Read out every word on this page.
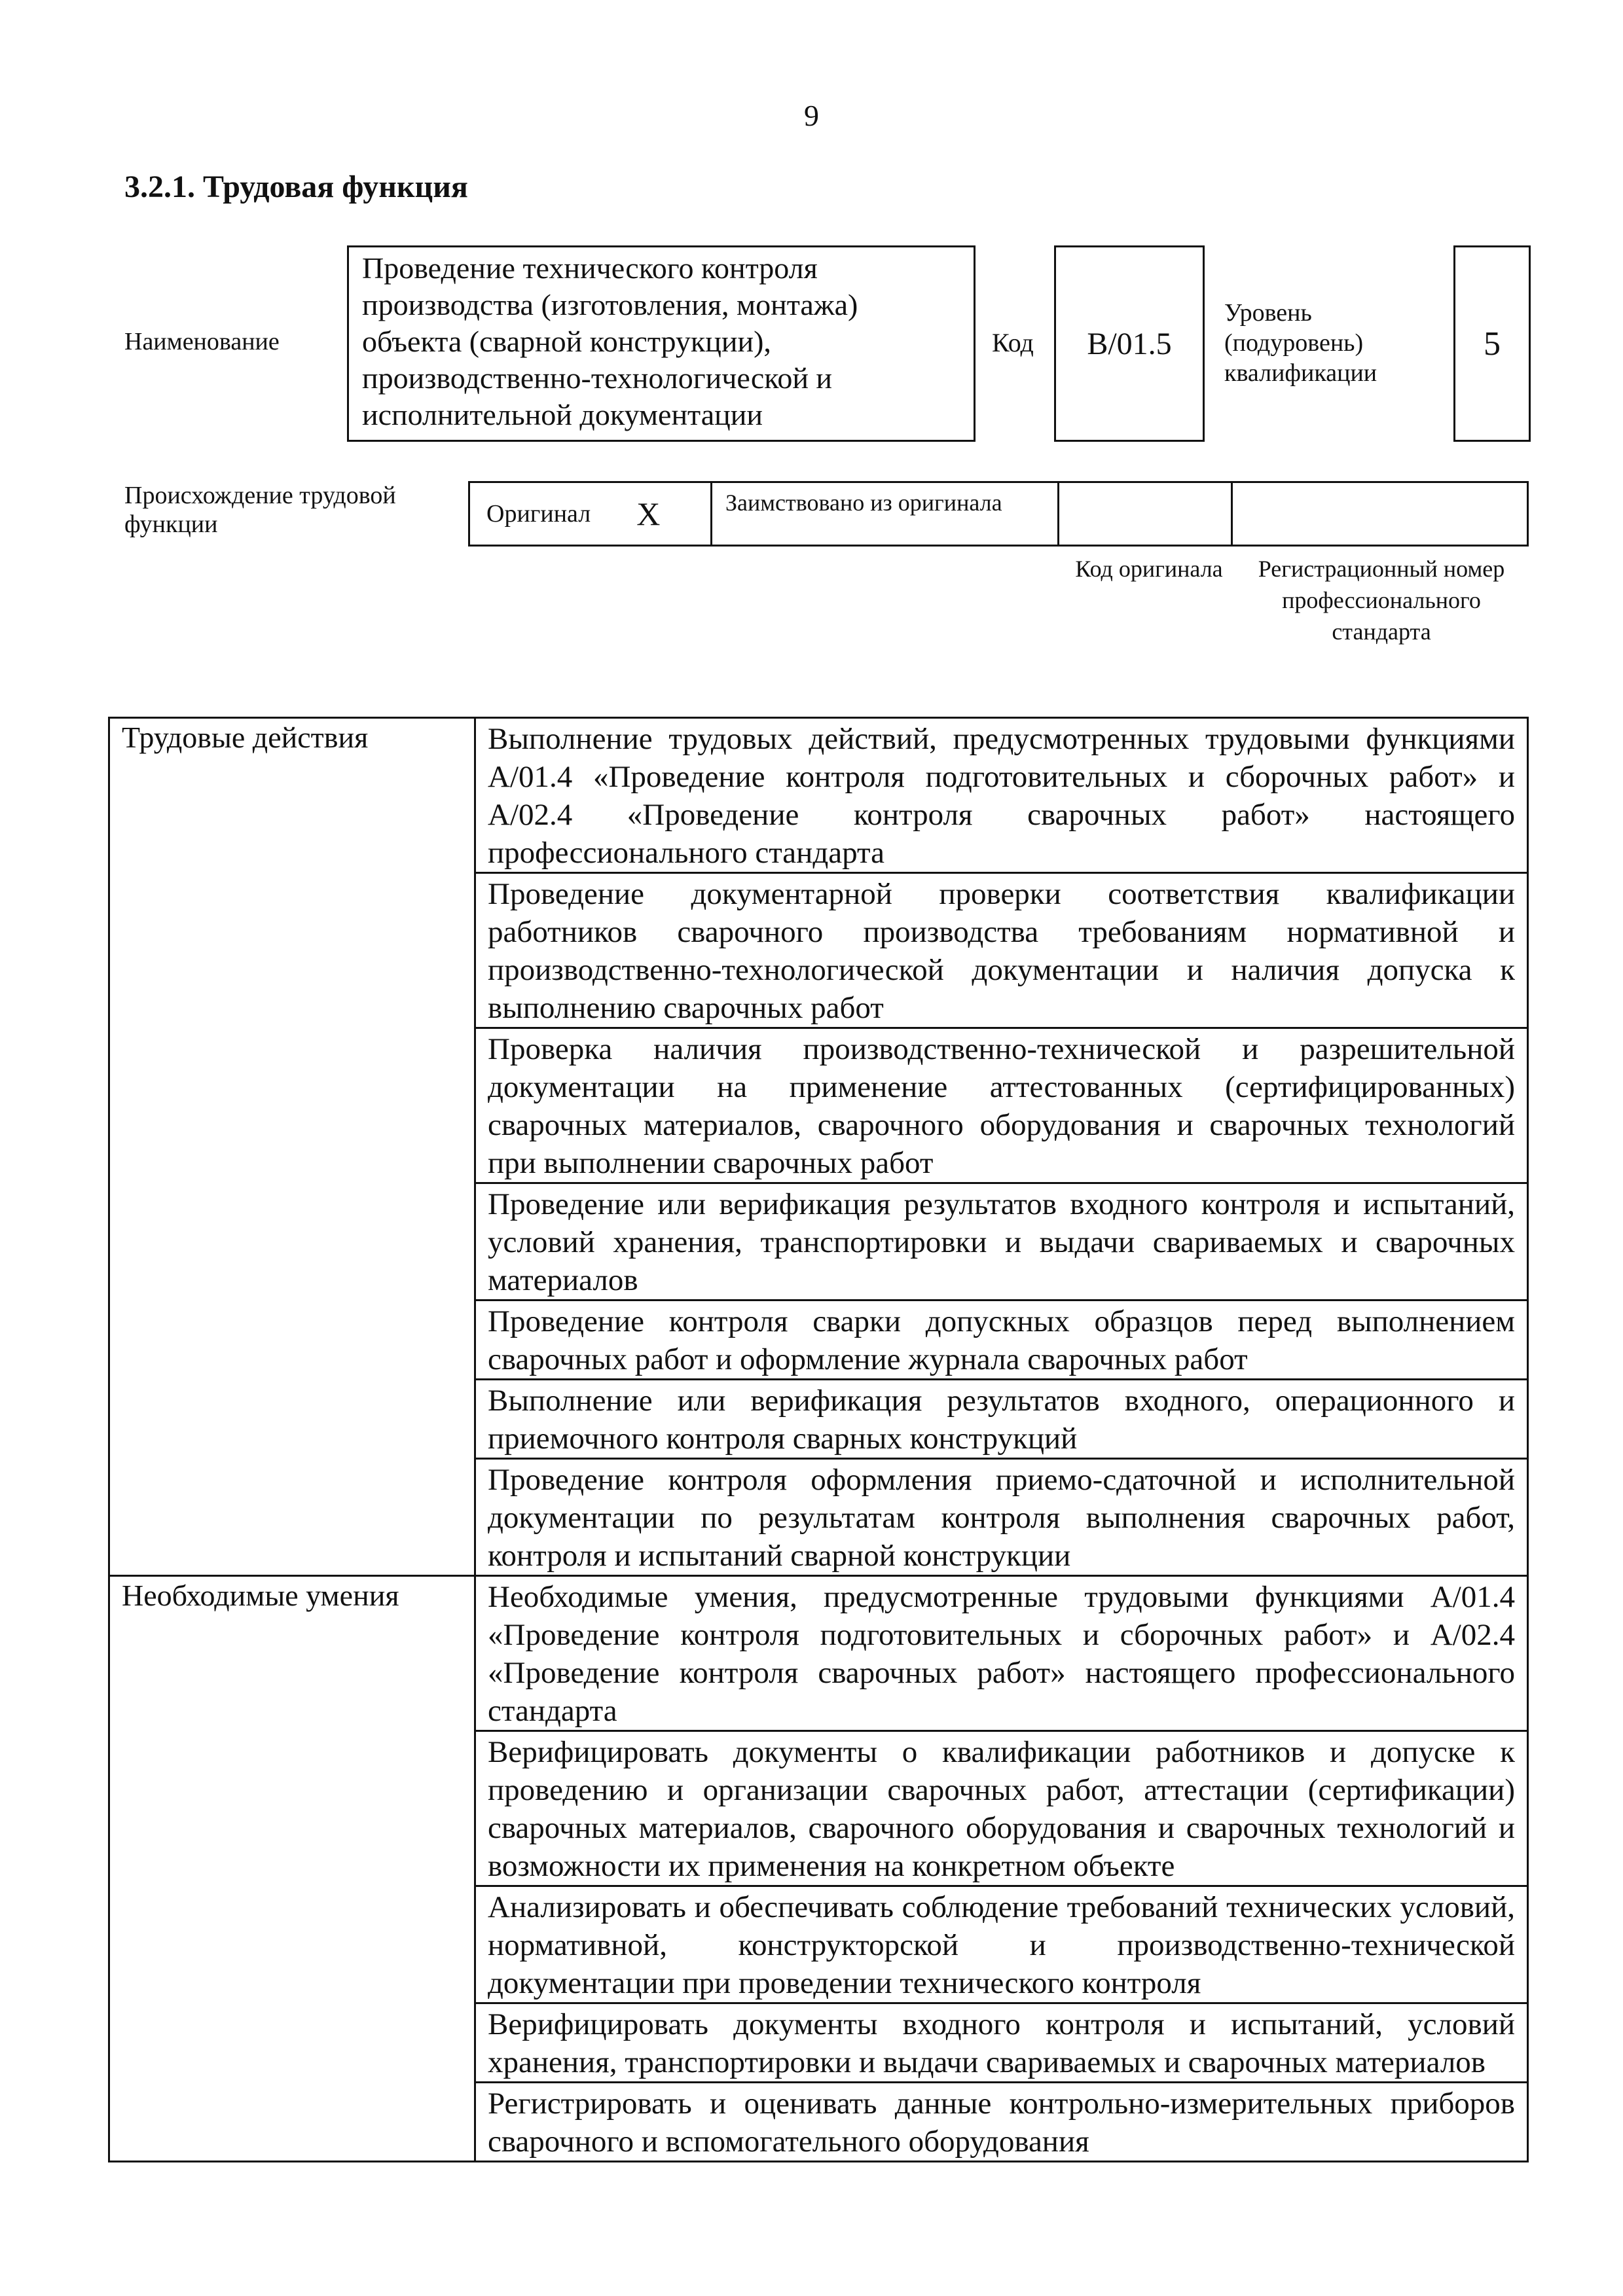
9
3.2.1. Трудовая функция
Наименование
Проведение технического контроля производства (изготовления, монтажа) объекта (сварной конструкции), производственно-технологической и исполнительной документации
Код	B/01.5
Уровень (подуровень) квалификации
5
Происхождение трудовой функции	Оригинал X	Заимствовано из оригинала
Код оригинала	Регистрационный номер профессионального стандарта
Трудовые действия	Выполнение трудовых действий, предусмотренных трудовыми функциями A/01.4 «Проведение контроля подготовительных и сборочных работ» и A/02.4 «Проведение контроля сварочных работ» настоящего профессионального стандарта
	Проведение документарной проверки соответствия квалификации работников сварочного производства требованиям нормативной и производственно-технологической документации и наличия допуска к выполнению сварочных работ
	Проверка наличия производственно-технической и разрешительной документации на применение аттестованных (сертифицированных) сварочных материалов, сварочного оборудования и сварочных технологий при выполнении сварочных работ
	Проведение или верификация результатов входного контроля и испытаний, условий хранения, транспортировки и выдачи свариваемых и сварочных материалов
	Проведение контроля сварки допускных образцов перед выполнением сварочных работ и оформление журнала сварочных работ
	Выполнение или верификация результатов входного, операционного и приемочного контроля сварных конструкций
	Проведение контроля оформления приемо-сдаточной и исполнительной документации по результатам контроля выполнения сварочных работ, контроля и испытаний сварной конструкции
Необходимые умения	Необходимые умения, предусмотренные трудовыми функциями A/01.4 «Проведение контроля подготовительных и сборочных работ» и A/02.4 «Проведение контроля сварочных работ» настоящего профессионального стандарта
	Верифицировать документы о квалификации работников и допуске к проведению и организации сварочных работ, аттестации (сертификации) сварочных материалов, сварочного оборудования и сварочных технологий и возможности их применения на конкретном объекте
	Анализировать и обеспечивать соблюдение требований технических условий, нормативной, конструкторской и производственно-технической документации при проведении технического контроля
	Верифицировать документы входного контроля и испытаний, условий хранения, транспортировки и выдачи свариваемых и сварочных материалов
	Регистрировать и оценивать данные контрольно-измерительных приборов сварочного и вспомогательного оборудования
